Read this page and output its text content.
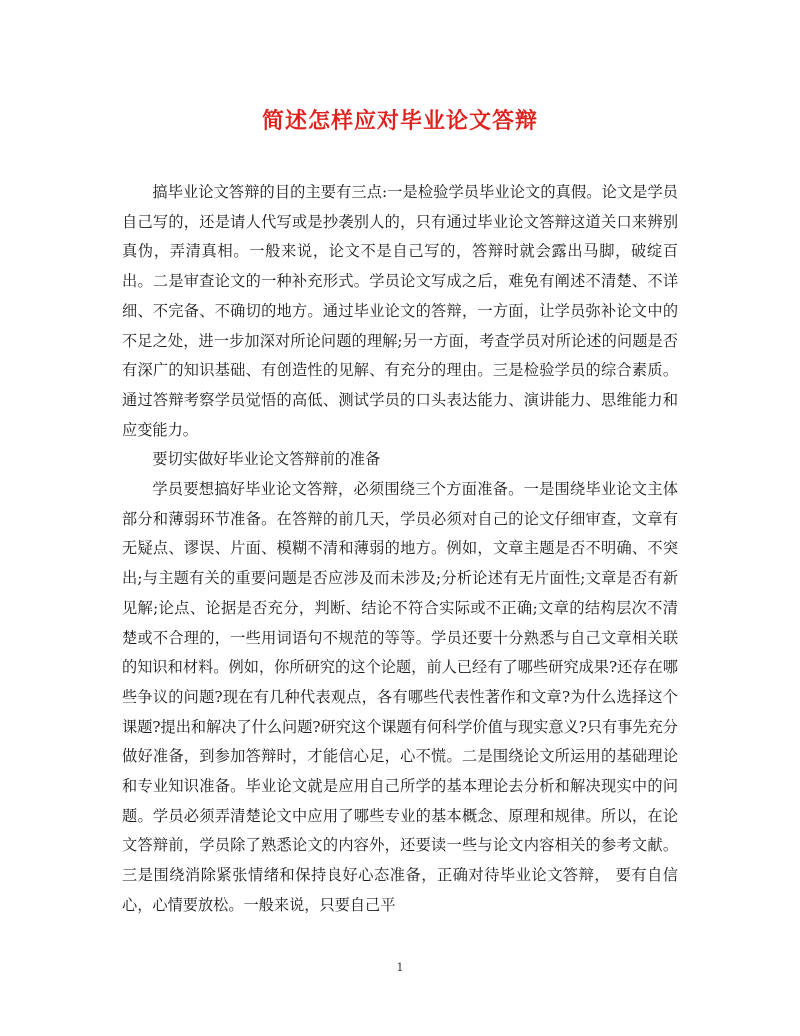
简述怎样应对毕业论文答辩

搞毕业论文答辩的目的主要有三点:一是检验学员毕业论文的真假。论文是学员自己写的，还是请人代写或是抄袭别人的，只有通过毕业论文答辩这道关口来辨别真伪，弄清真相。一般来说，论文不是自己写的，答辩时就会露出马脚，破绽百出。二是审查论文的一种补充形式。学员论文写成之后，难免有阐述不清楚、不详细、不完备、不确切的地方。通过毕业论文的答辩，一方面，让学员弥补论文中的不足之处，进一步加深对所论问题的理解;另一方面，考查学员对所论述的问题是否有深广的知识基础、有创造性的见解、有充分的理由。三是检验学员的综合素质。通过答辩考察学员觉悟的高低、测试学员的口头表达能力、演讲能力、思维能力和应变能力。

要切实做好毕业论文答辩前的准备

学员要想搞好毕业论文答辩，必须围绕三个方面准备。一是围绕毕业论文主体部分和薄弱环节准备。在答辩的前几天，学员必须对自己的论文仔细审查，文章有无疑点、谬误、片面、模糊不清和薄弱的地方。例如，文章主题是否不明确、不突出;与主题有关的重要问题是否应涉及而未涉及;分析论述有无片面性;文章是否有新见解;论点、论据是否充分，判断、结论不符合实际或不正确;文章的结构层次不清楚或不合理的，一些用词语句不规范的等等。学员还要十分熟悉与自己文章相关联的知识和材料。例如，你所研究的这个论题，前人已经有了哪些研究成果?还存在哪些争议的问题?现在有几种代表观点，各有哪些代表性著作和文章?为什么选择这个课题?提出和解决了什么问题?研究这个课题有何科学价值与现实意义?只有事先充分做好准备，到参加答辩时，才能信心足，心不慌。二是围绕论文所运用的基础理论和专业知识准备。毕业论文就是应用自己所学的基本理论去分析和解决现实中的问题。学员必须弄清楚论文中应用了哪些专业的基本概念、原理和规律。所以，在论文答辩前，学员除了熟悉论文的内容外，还要读一些与论文内容相关的参考文献。三是围绕消除紧张情绪和保持良好心态准备，正确对待毕业论文答辩， 要有自信心，心情要放松。一般来说，只要自己平

1
